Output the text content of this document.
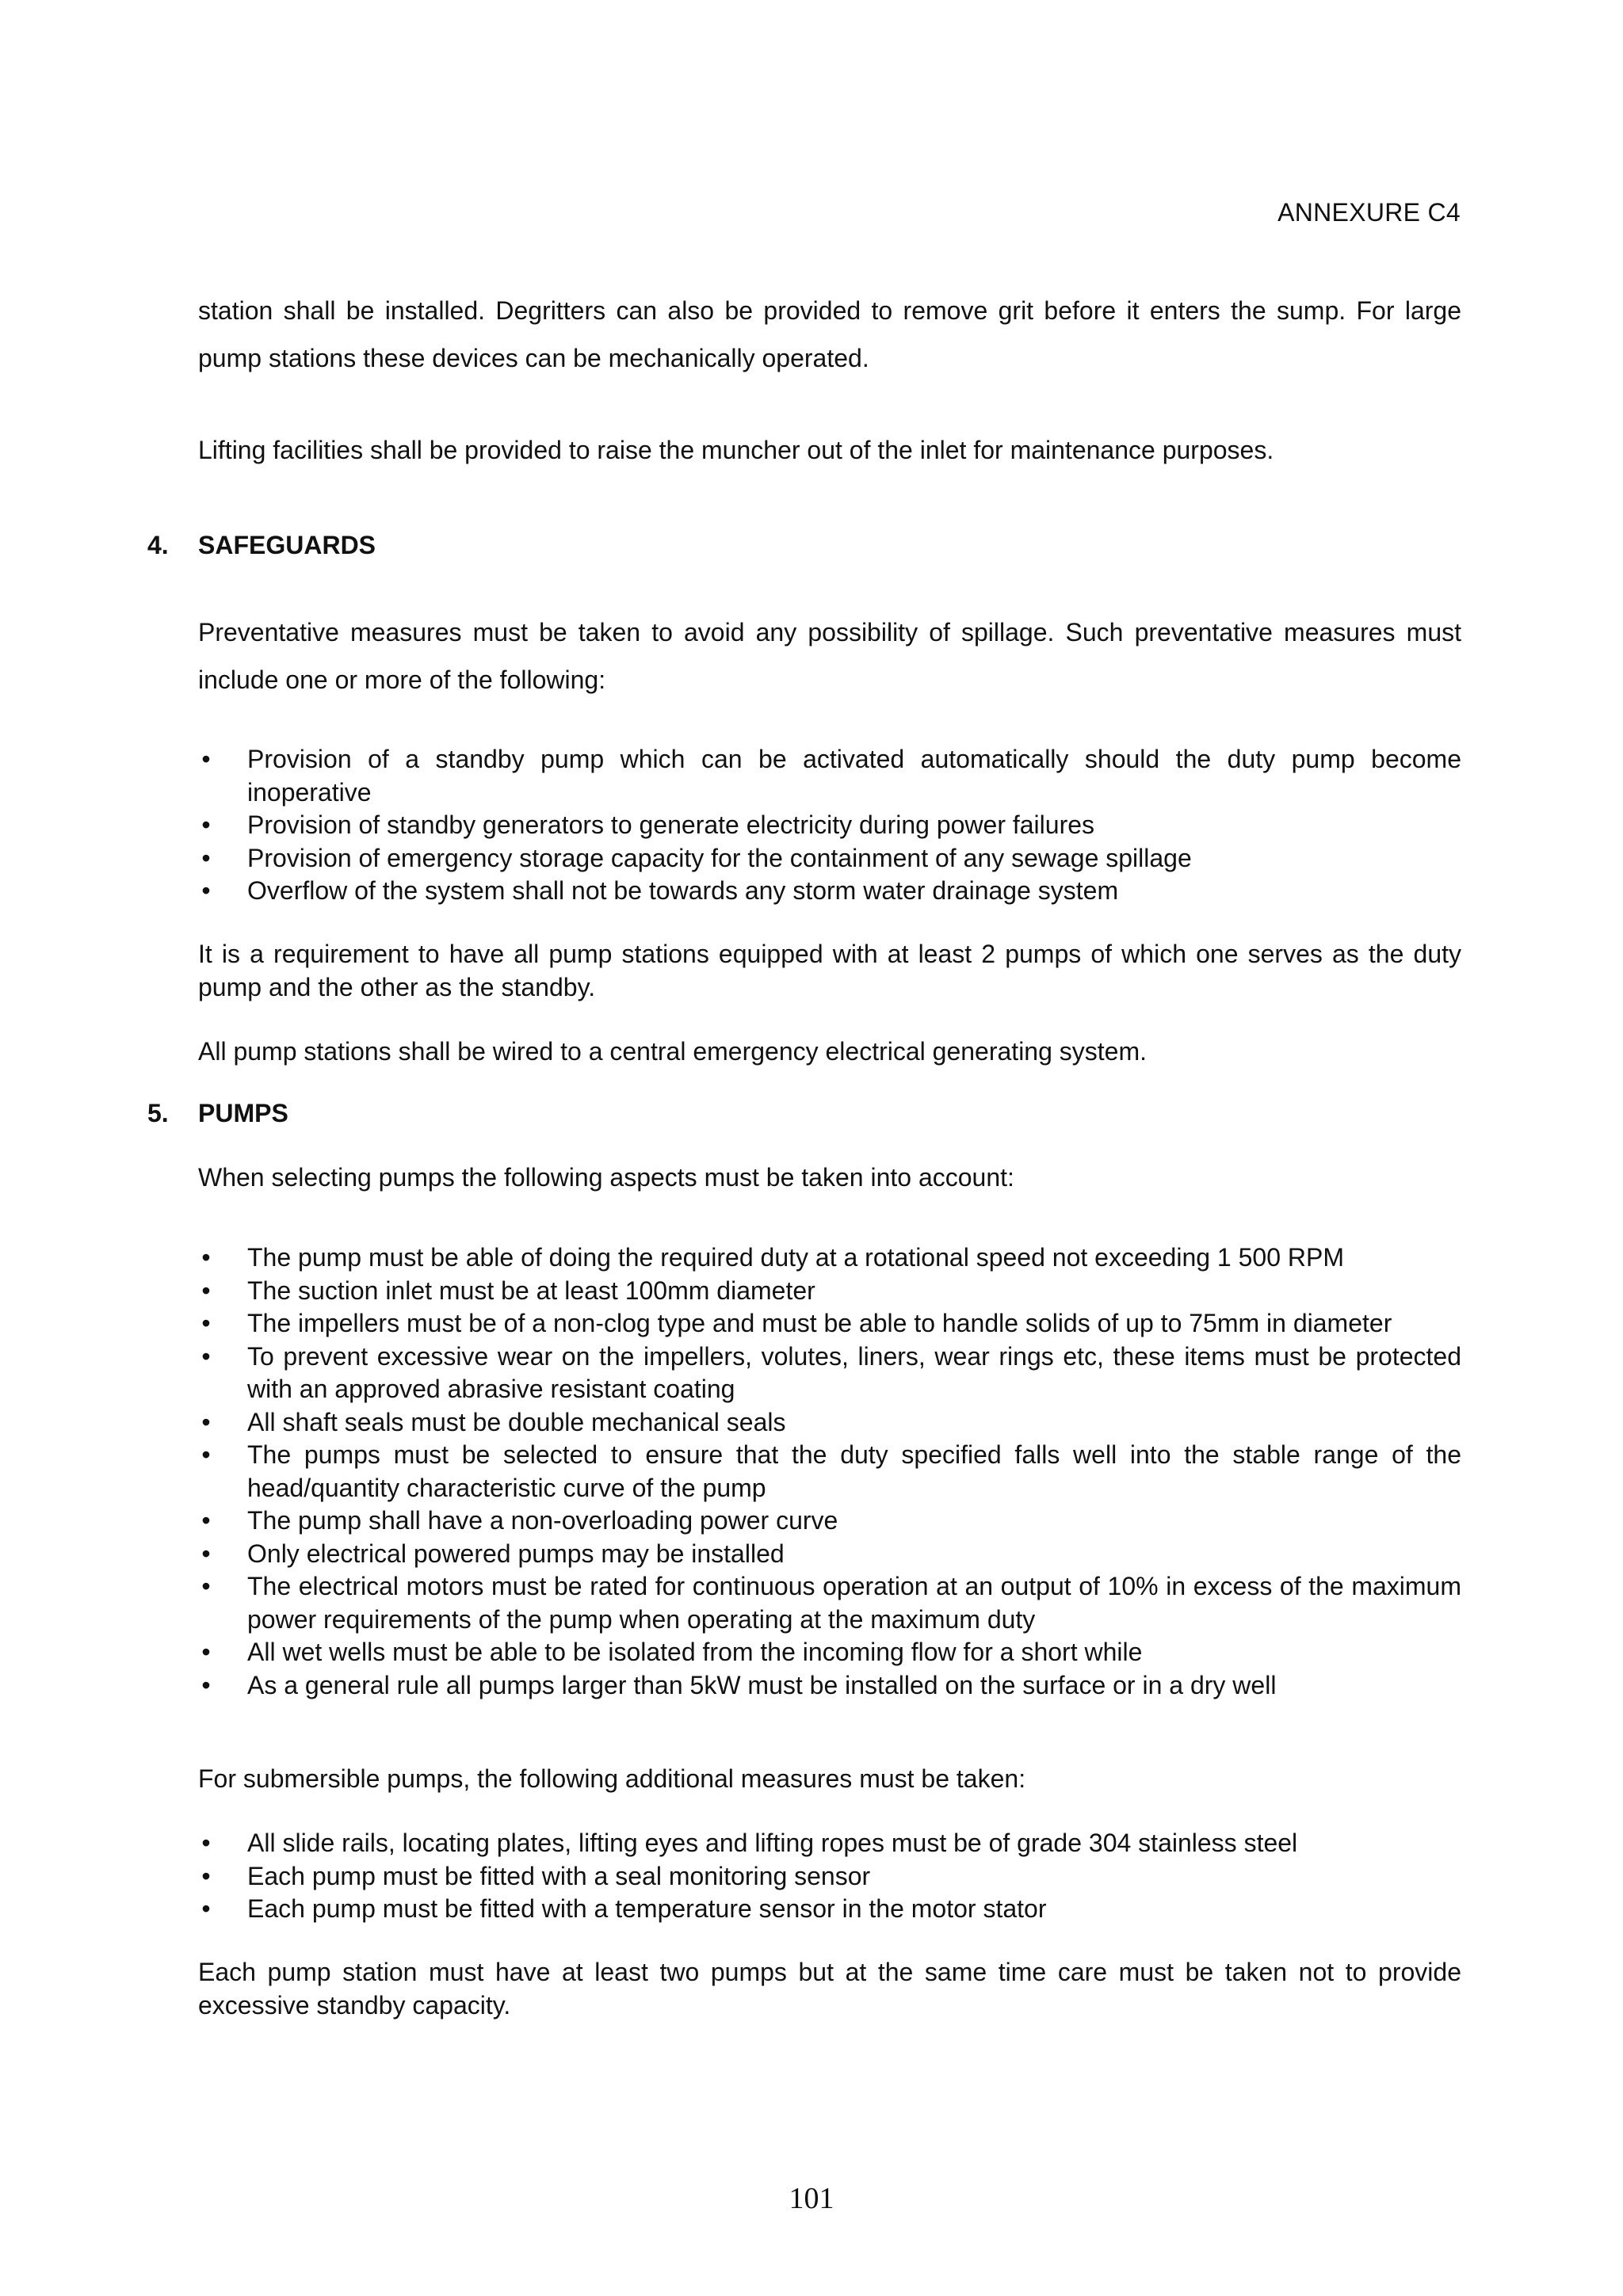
ANNEXURE C4

station shall be installed. Degritters can also be provided to remove grit before it enters the sump. For large pump stations these devices can be mechanically operated.

Lifting facilities shall be provided to raise the muncher out of the inlet for maintenance purposes.

4.	SAFEGUARDS

Preventative measures must be taken to avoid any possibility of spillage. Such preventative measures must include one or more of the following:

• Provision of a standby pump which can be activated automatically should the duty pump become inoperative
• Provision of standby generators to generate electricity during power failures
• Provision of emergency storage capacity for the containment of any sewage spillage
• Overflow of the system shall not be towards any storm water drainage system

It is a requirement to have all pump stations equipped with at least 2 pumps of which one serves as the duty pump and the other as the standby.

All pump stations shall be wired to a central emergency electrical generating system.

5.	PUMPS

When selecting pumps the following aspects must be taken into account:

• The pump must be able of doing the required duty at a rotational speed not exceeding 1 500 RPM
• The suction inlet must be at least 100mm diameter
• The impellers must be of a non-clog type and must be able to handle solids of up to 75mm in diameter
• To prevent excessive wear on the impellers, volutes, liners, wear rings etc, these items must be protected with an approved abrasive resistant coating
• All shaft seals must be double mechanical seals
• The pumps must be selected to ensure that the duty specified falls well into the stable range of the head/quantity characteristic curve of the pump
• The pump shall have a non-overloading power curve
• Only electrical powered pumps may be installed
• The electrical motors must be rated for continuous operation at an output of 10% in excess of the maximum power requirements of the pump when operating at the maximum duty
• All wet wells must be able to be isolated from the incoming flow for a short while
• As a general rule all pumps larger than 5kW must be installed on the surface or in a dry well

For submersible pumps, the following additional measures must be taken:

• All slide rails, locating plates, lifting eyes and lifting ropes must be of grade 304 stainless steel
• Each pump must be fitted with a seal monitoring sensor
• Each pump must be fitted with a temperature sensor in the motor stator

Each pump station must have at least two pumps but at the same time care must be taken not to provide excessive standby capacity.

101
